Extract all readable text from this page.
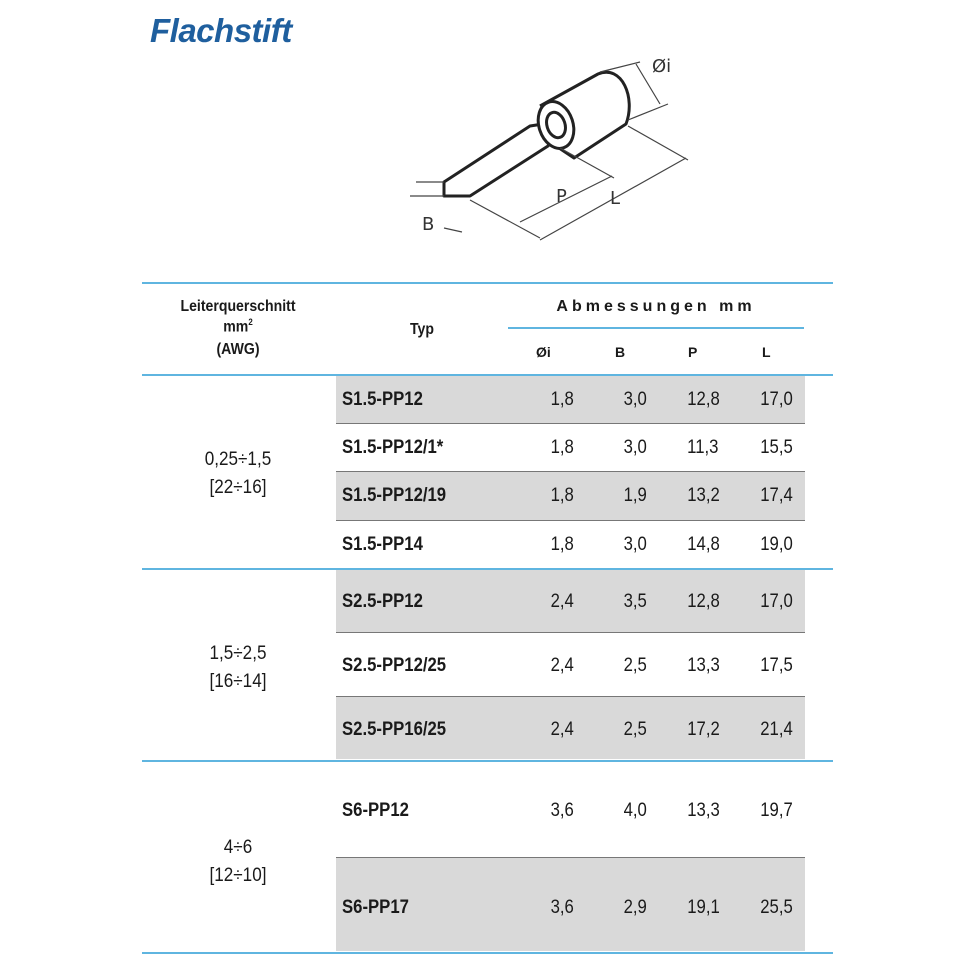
Flachstift
Øi
B
P L
Leiterquerschnitt
$mm^2$
(AWG)
Typ
Abmessungen mm
Øi	B	P	L
0,25÷1,5
[22÷16]
S1.5-PP12	1,8	3,0 12,8 17,0
S1.5-PP12/1*	1,8	3,0 11,3 15,5
S1.5-PP12/19	1,8	1,9 13,2 17,4
S1.5-PP14	1,8	3,0 14,8 19,0
1,5÷2,5
[16÷14]
S2.5-PP12	2,4	3,5 12,8 17,0
S2.5-PP12/25	2,4	2,5 13,3 17,5
S2.5-PP16/25	2,4	2,5 17,2 21,4
4÷6
[12÷10]
S6-PP12	3,6	4,0 13,3 19,7
S6-PP17	3,6	2,9 19,1 25,5
